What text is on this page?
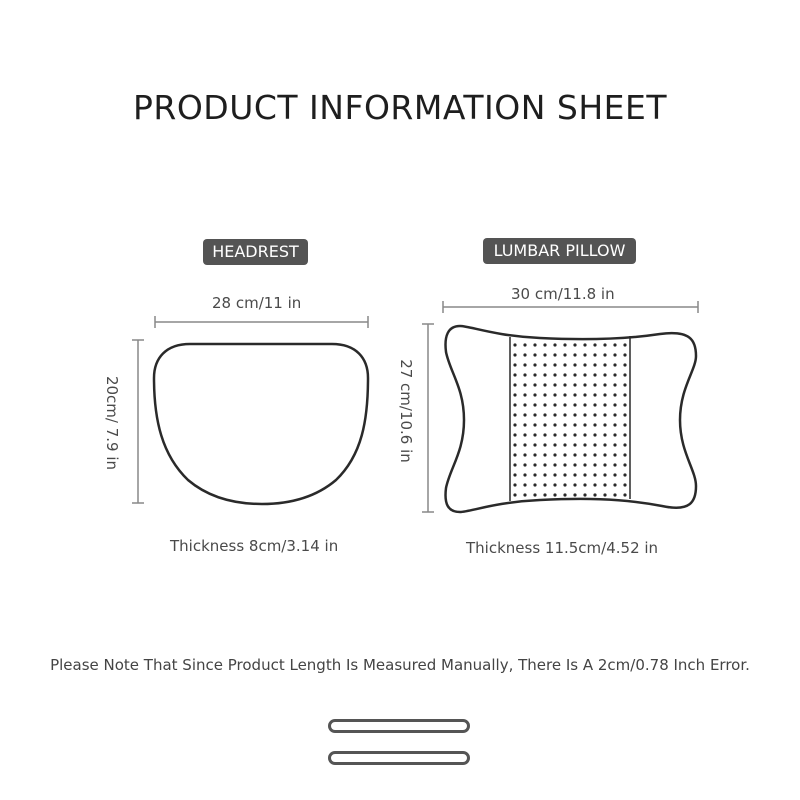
PRODUCT INFORMATION SHEET
HEADREST	LUMBAR PILLOW
28 cm/11 in
20cm/ 7.9 in
Thickness 8cm/3.14 in
30 cm/11.8 in
27 cm/10.6 in
Thickness 11.5cm/4.52 in
Please Note That Since Product Length Is Measured Manually, There Is A 2cm/0.78 Inch Error.
